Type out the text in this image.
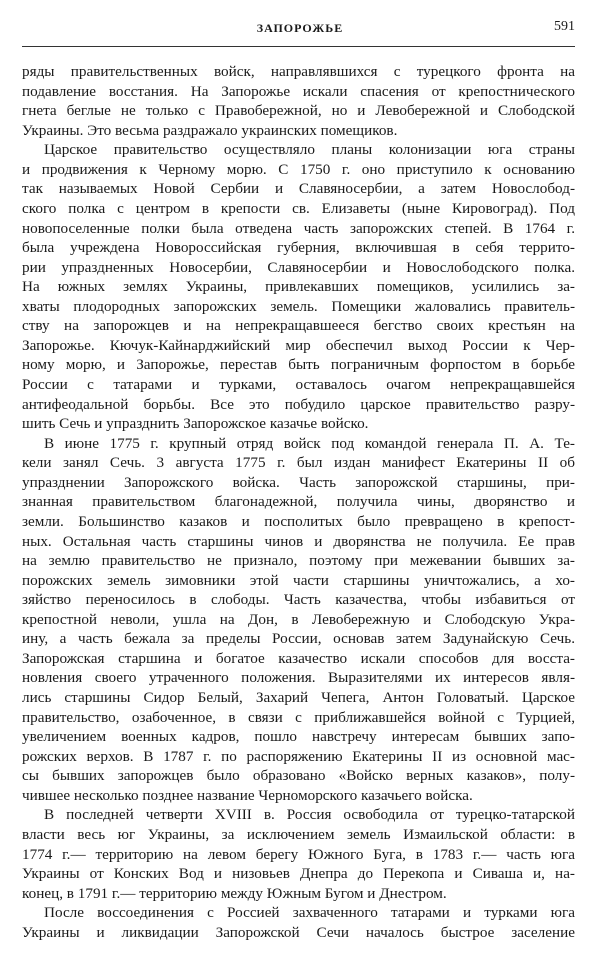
ЗАПОРОЖЬЕ	591
ряды правительственных войск, направлявшихся с турецкого фронта на
подавление восстания. На Запорожье искали спасения от крепостнического
гнета беглые не только с Правобережной, но и Левобережной и Слободской
Украины. Это весьма раздражало украинских помещиков.
Царское правительство осуществляло планы колонизации юга страны
и продвижения к Черному морю. С 1750 г. оно приступило к основанию
так называемых Новой Сербии и Славяносербии, а затем Новослобод-
ского полка с центром в крепости св. Елизаветы (ныне Кировоград). Под
новопоселенные полки была отведена часть запорожских степей. В 1764 г.
была учреждена Новороссийская губерния, включившая в себя террито-
рии упраздненных Новосербии, Славяносербии и Новослободского полка.
На южных землях Украины, привлекавших помещиков, усилились за-
хваты плодородных запорожских земель. Помещики жаловались правитель-
ству на запорожцев и на непрекращавшееся бегство своих крестьян на
Запорожье. Кючук-Кайнарджийский мир обеспечил выход России к Чер-
ному морю, и Запорожье, перестав быть пограничным форпостом в борьбе
России с татарами и турками, оставалось очагом непрекращавшейся
антифеодальной борьбы. Все это побудило царское правительство разру-
шить Сечь и упразднить Запорожское казачье войско.
В июне 1775 г. крупный отряд войск под командой генерала П. А. Те-
кели занял Сечь. 3 августа 1775 г. был издан манифест Екатерины II об
упразднении Запорожского войска. Часть запорожской старшины, при-
знанная правительством благонадежной, получила чины, дворянство и
земли. Большинство казаков и посполитых было превращено в крепост-
ных. Остальная часть старшины чинов и дворянства не получила. Ее прав
на землю правительство не признало, поэтому при межевании бывших за-
порожских земель зимовники этой части старшины уничтожались, а хо-
зяйство переносилось в слободы. Часть казачества, чтобы избавиться от
крепостной неволи, ушла на Дон, в Левобережную и Слободскую Укра-
ину, а часть бежала за пределы России, основав затем Задунайскую Сечь.
Запорожская старшина и богатое казачество искали способов для восста-
новления своего утраченного положения. Выразителями их интересов явля-
лись старшины Сидор Белый, Захарий Чепега, Антон Головатый. Царское
правительство, озабоченное, в связи с приближавшейся войной с Турцией,
увеличением военных кадров, пошло навстречу интересам бывших запо-
рожских верхов. В 1787 г. по распоряжению Екатерины II из основной мас-
сы бывших запорожцев было образовано «Войско верных казаков», полу-
чившее несколько позднее название Черноморского казачьего войска.
В последней четверти XVIII в. Россия освободила от турецко-татарской
власти весь юг Украины, за исключением земель Измаильской области: в
1774 г.— территорию на левом берегу Южного Буга, в 1783 г.— часть юга
Украины от Конских Вод и низовьев Днепра до Перекопа и Сиваша и, на-
конец, в 1791 г.— территорию между Южным Бугом и Днестром.
После воссоединения с Россией захваченного татарами и турками юга
Украины и ликвидации Запорожской Сечи началось быстрое заселение
